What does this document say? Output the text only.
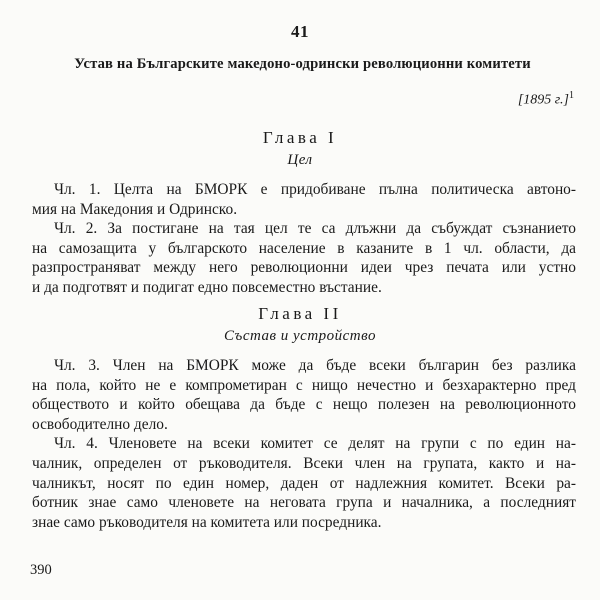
41
Устав на Българските македоно-одрински революционни комитети
[1895 г.]$^1$
Глава I
Цел
Чл. 1. Целта на БМОРК е придобиване пълна политическа автоно-
мия на Македония и Одринско.
Чл. 2. За постигане на тая цел те са длъжни да събуждат съзнанието
на самозащита у българското население в казаните в 1 чл. области, да
разпространяват между него революционни идеи чрез печата или устно
и да подготвят и подигат едно повсеместно въстание.
Глава II
Състав и устройство
Чл. 3. Член на БМОРК може да бъде всеки българин без разлика
на пола, който не е компрометиран с нищо нечестно и безхарактерно пред
обществото и който обещава да бъде с нещо полезен на революционното
освободително дело.
Чл. 4. Членовете на всеки комитет се делят на групи с по един на-
чалник, определен от ръководителя. Всеки член на групата, както и на-
чалникът, носят по един номер, даден от надлежния комитет. Всеки ра-
ботник знае само членовете на неговата група и началника, а последният
знае само ръководителя на комитета или посредника.
390
